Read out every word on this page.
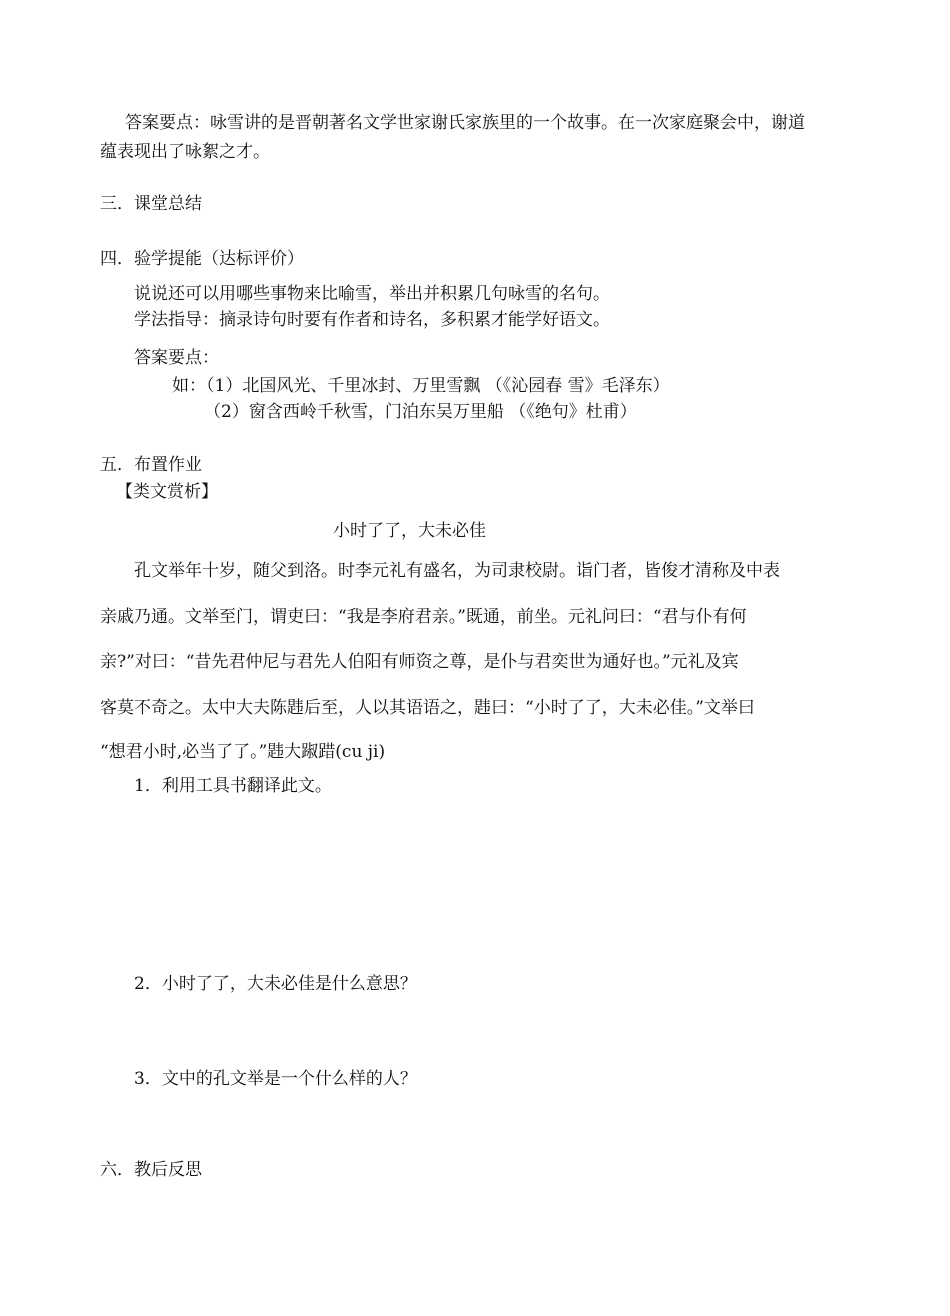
答案要点：咏雪讲的是晋朝著名文学世家谢氏家族里的一个故事。在一次家庭聚会中，谢道
蕴表现出了咏絮之才。
三．课堂总结
四．验学提能（达标评价）
说说还可以用哪些事物来比喻雪，举出并积累几句咏雪的名句。
学法指导：摘录诗句时要有作者和诗名，多积累才能学好语文。
答案要点：
如：（1）北国风光、千里冰封、万里雪飘 （《沁园春 雪》毛泽东）
（2）窗含西岭千秋雪，门泊东吴万里船 （《绝句》杜甫）
五．布置作业
【类文赏析】
小时了了，大未必佳
孔文举年十岁，随父到洛。时李元礼有盛名，为司隶校尉。诣门者，皆俊才清称及中表
亲戚乃通。文举至门，谓吏曰：“我是李府君亲。”既通，前坐。元礼问曰：“君与仆有何
亲?”对曰：“昔先君仲尼与君先人伯阳有师资之尊，是仆与君奕世为通好也。”元礼及宾
客莫不奇之。太中大夫陈韪后至，人以其语语之，韪曰：“小时了了，大未必佳。”文举曰
“想君小时,必当了了。”韪大踧踖(cu ji)
1．利用工具书翻译此文。
2．小时了了，大未必佳是什么意思？
3．文中的孔文举是一个什么样的人？
六．教后反思
